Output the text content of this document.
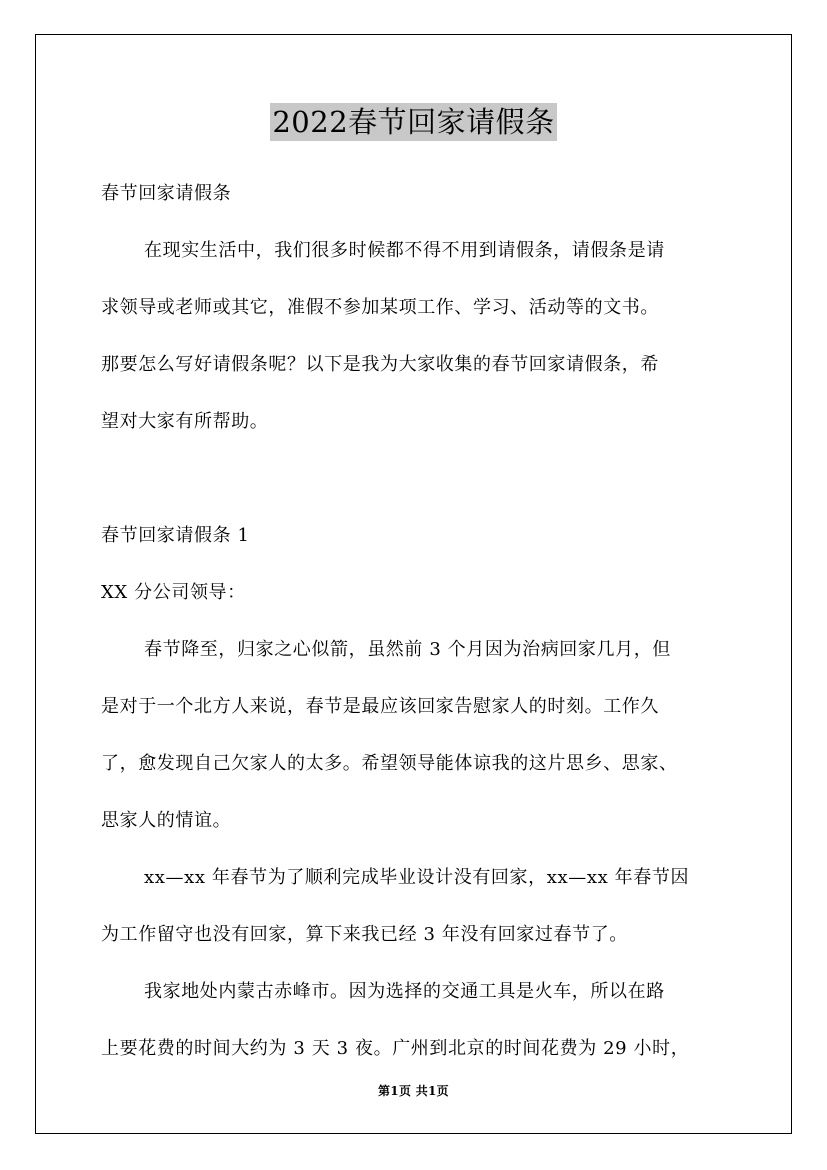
2022春节回家请假条
春节回家请假条
在现实生活中，我们很多时候都不得不用到请假条，请假条是请
求领导或老师或其它，准假不参加某项工作、学习、活动等的文书。
那要怎么写好请假条呢？以下是我为大家收集的春节回家请假条，希
望对大家有所帮助。
春节回家请假条 1
XX 分公司领导：
春节降至，归家之心似箭，虽然前 3 个月因为治病回家几月，但
是对于一个北方人来说，春节是最应该回家告慰家人的时刻。工作久
了，愈发现自己欠家人的太多。希望领导能体谅我的这片思乡、思家、
思家人的情谊。
xx—xx 年春节为了顺利完成毕业设计没有回家，xx—xx 年春节因
为工作留守也没有回家，算下来我已经 3 年没有回家过春节了。
我家地处内蒙古赤峰市。因为选择的交通工具是火车，所以在路
上要花费的时间大约为 3 天 3 夜。广州到北京的时间花费为 29 小时，
第1页 共1页
